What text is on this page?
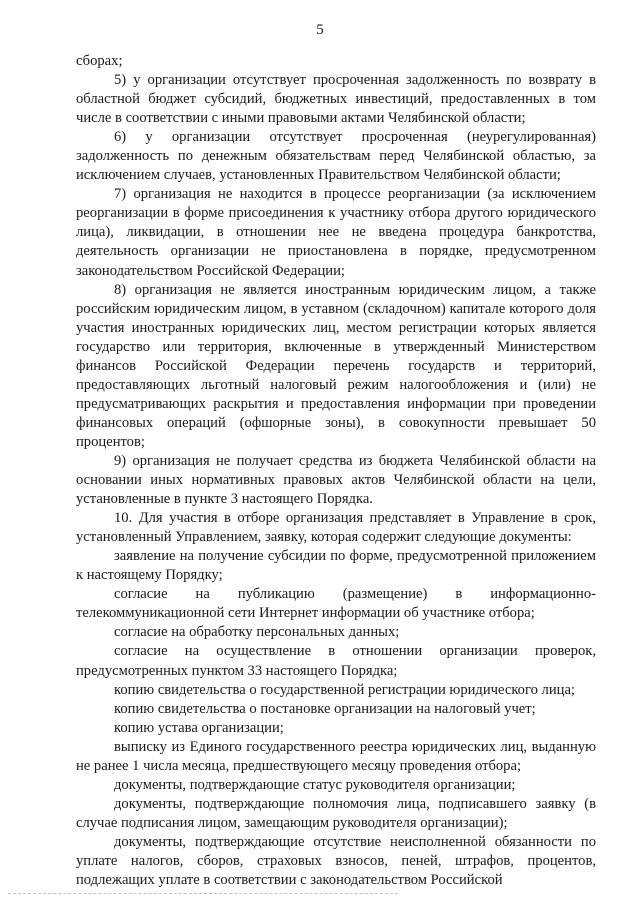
5

сборах;

5) у организации отсутствует просроченная задолженность по возврату в областной бюджет субсидий, бюджетных инвестиций, предоставленных в том числе в соответствии с иными правовыми актами Челябинской области;

6) у организации отсутствует просроченная (неурегулированная) задолженность по денежным обязательствам перед Челябинской областью, за исключением случаев, установленных Правительством Челябинской области;

7) организация не находится в процессе реорганизации (за исключением реорганизации в форме присоединения к участнику отбора другого юридического лица), ликвидации, в отношении нее не введена процедура банкротства, деятельность организации не приостановлена в порядке, предусмотренном законодательством Российской Федерации;

8) организация не является иностранным юридическим лицом, а также российским юридическим лицом, в уставном (складочном) капитале которого доля участия иностранных юридических лиц, местом регистрации которых является государство или территория, включенные в утвержденный Министерством финансов Российской Федерации перечень государств и территорий, предоставляющих льготный налоговый режим налогообложения и (или) не предусматривающих раскрытия и предоставления информации при проведении финансовых операций (офшорные зоны), в совокупности превышает 50 процентов;

9) организация не получает средства из бюджета Челябинской области на основании иных нормативных правовых актов Челябинской области на цели, установленные в пункте 3 настоящего Порядка.

10. Для участия в отборе организация представляет в Управление в срок, установленный Управлением, заявку, которая содержит следующие документы:

заявление на получение субсидии по форме, предусмотренной приложением к настоящему Порядку;

согласие на публикацию (размещение) в информационно-телекоммуникационной сети Интернет информации об участнике отбора;

согласие на обработку персональных данных;

согласие на осуществление в отношении организации проверок, предусмотренных пунктом 33 настоящего Порядка;

копию свидетельства о государственной регистрации юридического лица;

копию свидетельства о постановке организации на налоговый учет;

копию устава организации;

выписку из Единого государственного реестра юридических лиц, выданную не ранее 1 числа месяца, предшествующего месяцу проведения отбора;

документы, подтверждающие статус руководителя организации;

документы, подтверждающие полномочия лица, подписавшего заявку (в случае подписания лицом, замещающим руководителя организации);

документы, подтверждающие отсутствие неисполненной обязанности по уплате налогов, сборов, страховых взносов, пеней, штрафов, процентов, подлежащих уплате в соответствии с законодательством Российской
